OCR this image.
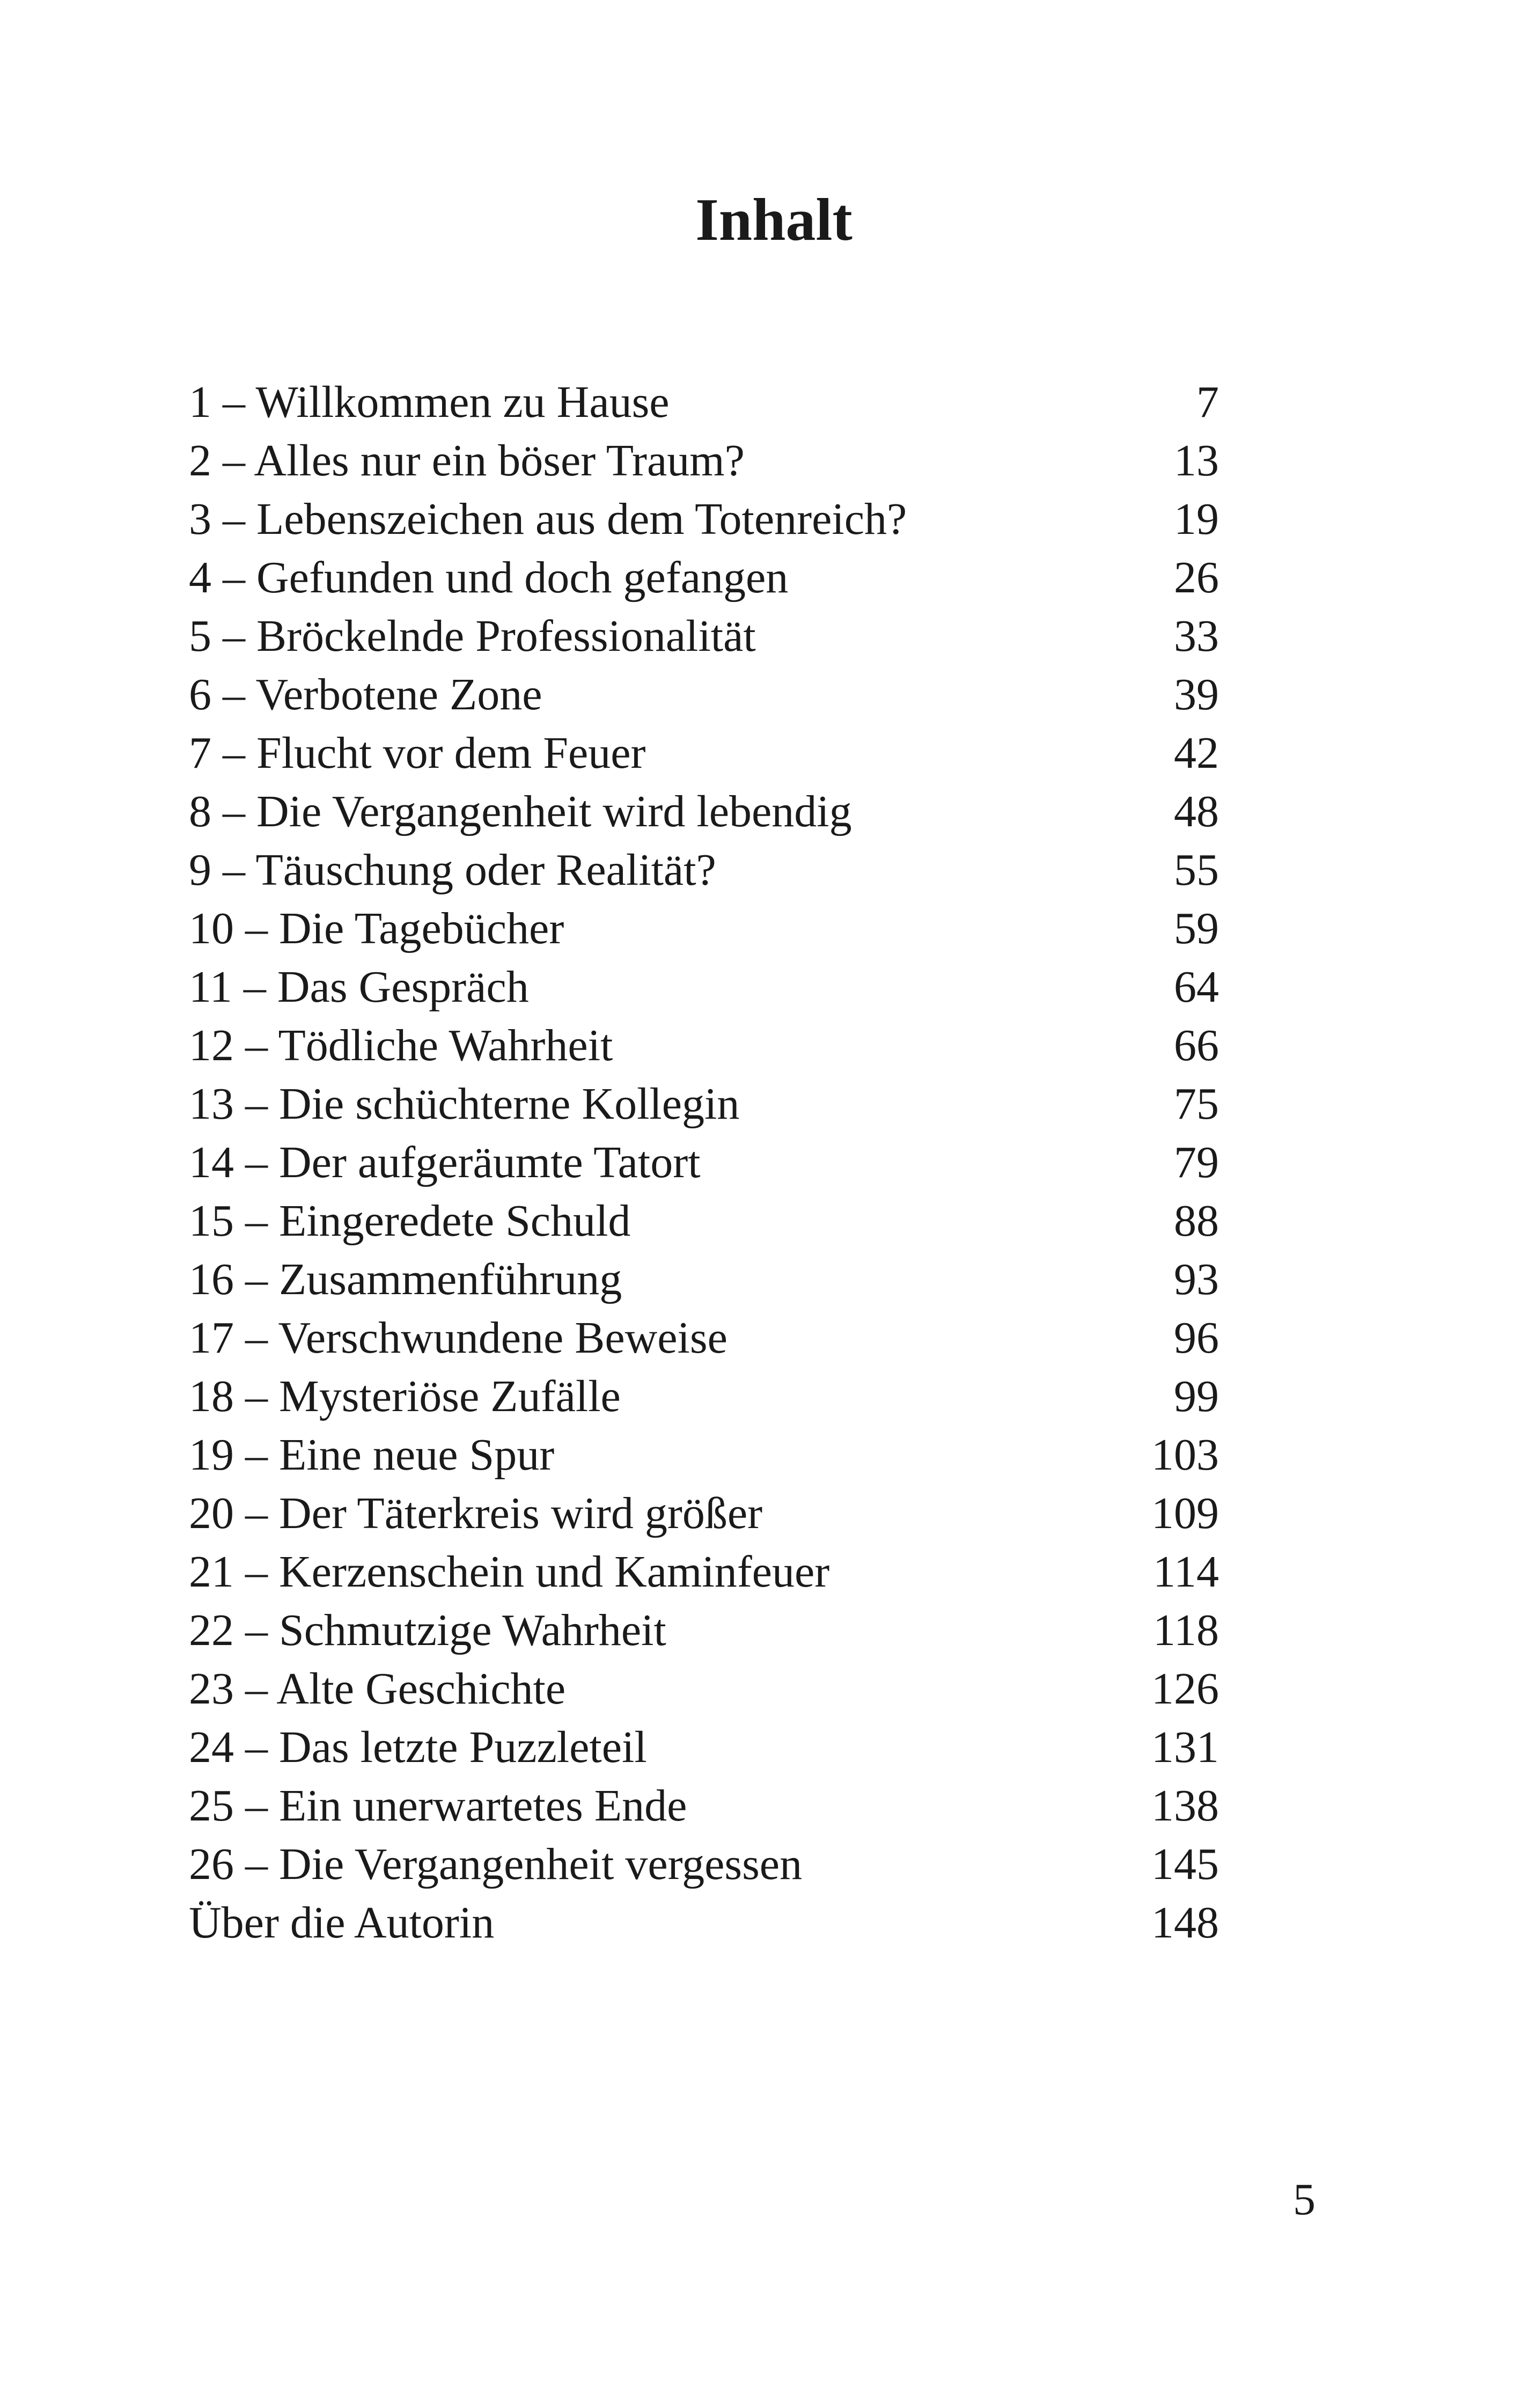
Inhalt
1 – Willkommen zu Hause	7
2 – Alles nur ein böser Traum?	13
3 – Lebenszeichen aus dem Totenreich?	19
4 – Gefunden und doch gefangen	26
5 – Bröckelnde Professionalität	33
6 – Verbotene Zone	39
7 – Flucht vor dem Feuer	42
8 – Die Vergangenheit wird lebendig	48
9 – Täuschung oder Realität?	55
10 – Die Tagebücher	59
11 – Das Gespräch	64
12 – Tödliche Wahrheit	66
13 – Die schüchterne Kollegin	75
14 – Der aufgeräumte Tatort	79
15 – Eingeredete Schuld	88
16 – Zusammenführung	93
17 – Verschwundene Beweise	96
18 – Mysteriöse Zufälle	99
19 – Eine neue Spur	103
20 – Der Täterkreis wird größer	109
21 – Kerzenschein und Kaminfeuer	114
22 – Schmutzige Wahrheit	118
23 – Alte Geschichte	126
24 – Das letzte Puzzleteil	131
25 – Ein unerwartetes Ende	138
26 – Die Vergangenheit vergessen	145
Über die Autorin	148
5
